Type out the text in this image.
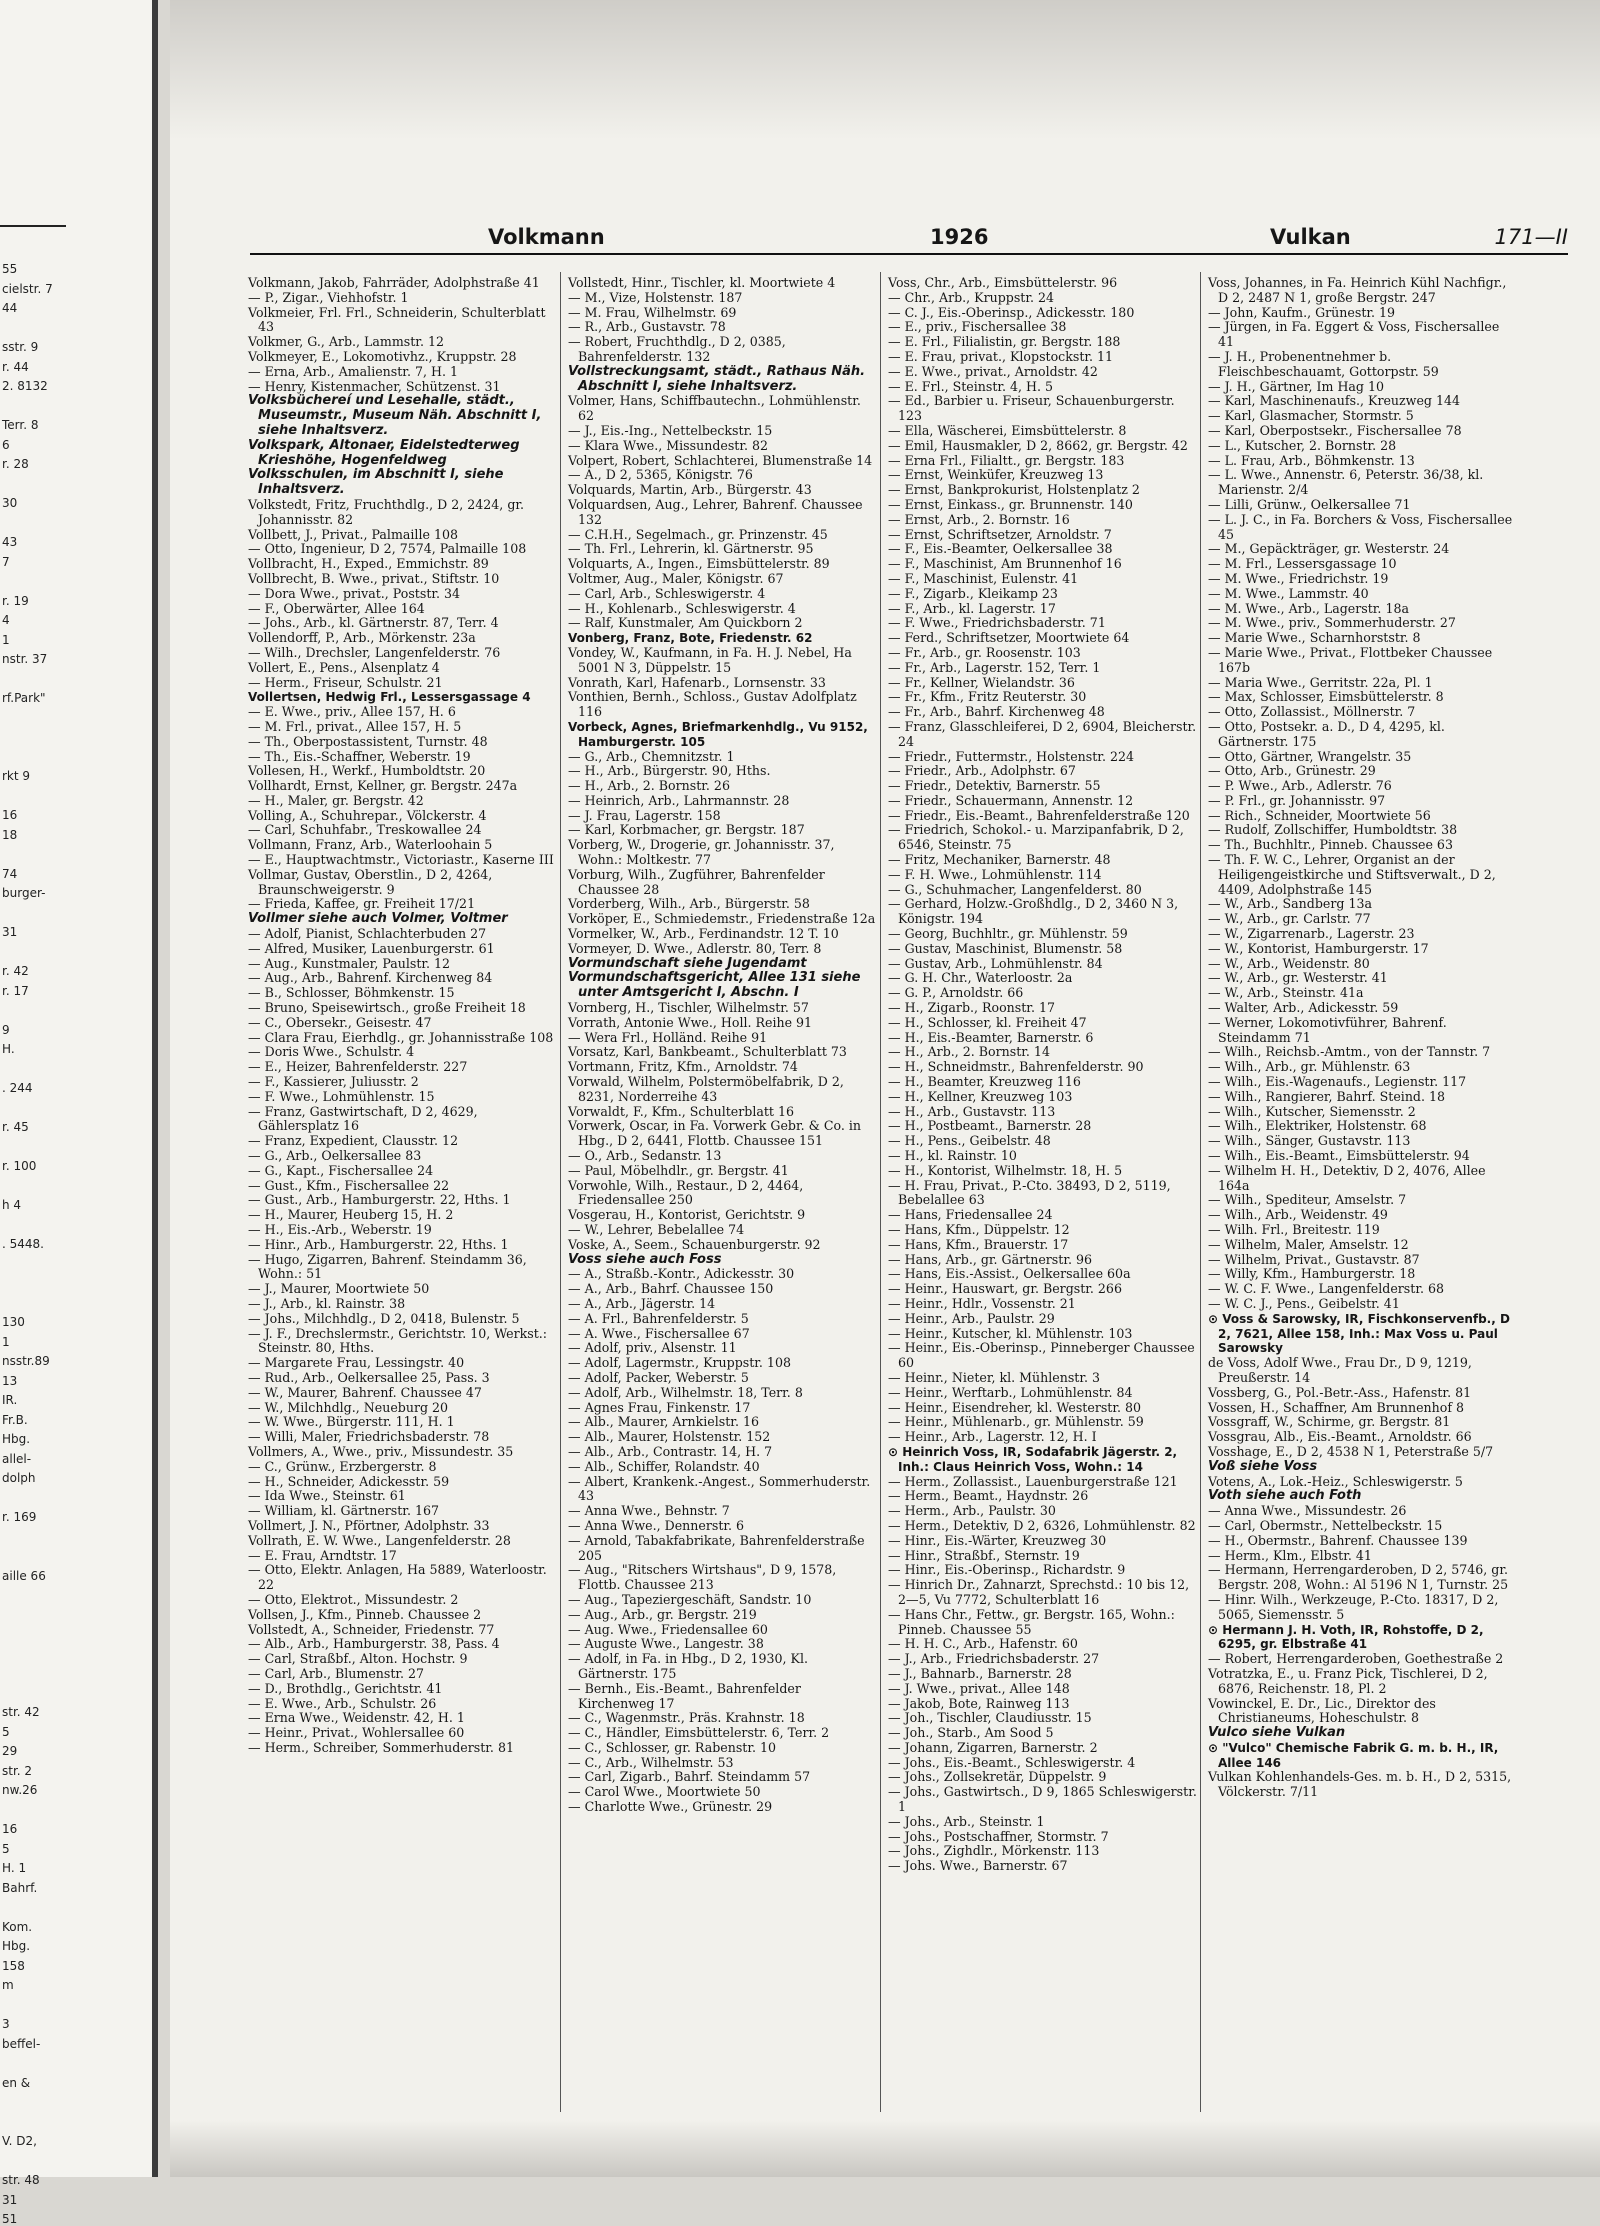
55
cielstr. 7
44
sstr. 9
r. 44
2. 8132
Terr. 8
6
r. 28
30
43
7
r. 19
4
1
nstr. 37
rf.Park"
rkt 9
16
18
74
burger-
31
r. 42
r. 17
9
H.
. 244
r. 45
r. 100
h 4
. 5448.
130
1
nsstr.89
13
IR.
Fr.B.
Hbg.
allel-
dolph
r. 169
aille 66
str. 42
5
29
str. 2
nw.26
16
5
H. 1
Bahrf.
Kom.
Hbg.
158
m
3
beffel-
en &
V. D2,
str. 48
31
51
Volkmann	1926	Vulkan	171—II

Volkmann, Jakob, Fahrräder, Adolphstraße 41

— P., Zigar., Viehhofstr. 1

Volkmeier, Frl. Frl., Schneiderin, Schulterblatt 43

Volkmer, G., Arb., Lammstr. 12

Volkmeyer, E., Lokomotivhz., Kruppstr. 28

— Erna, Arb., Amalienstr. 7, H. 1

— Henry, Kistenmacher, Schützenst. 31

Volksbüchereí und Lesehalle, städt., Museumstr., Museum Näh. Abschnitt I, siehe Inhaltsverz.

Volkspark, Altonaer, Eidelstedterweg Krieshöhe, Hogenfeldweg

Volksschulen, im Abschnitt I, siehe Inhaltsverz.

Volkstedt, Fritz, Fruchthdlg., D 2, 2424, gr. Johannisstr. 82

Vollbett, J., Privat., Palmaille 108

— Otto, Ingenieur, D 2, 7574, Palmaille 108

Vollbracht, H., Exped., Emmichstr. 89

Vollbrecht, B. Wwe., privat., Stiftstr. 10

— Dora Wwe., privat., Poststr. 34

— F., Oberwärter, Allee 164

— Johs., Arb., kl. Gärtnerstr. 87, Terr. 4

Vollendorff, P., Arb., Mörkenstr. 23a

— Wilh., Drechsler, Langenfelderstr. 76

Vollert, E., Pens., Alsenplatz 4

— Herm., Friseur, Schulstr. 21

Vollertsen, Hedwig Frl., Lessersgassage 4

— E. Wwe., priv., Allee 157, H. 6

— M. Frl., privat., Allee 157, H. 5

— Th., Oberpostassistent, Turnstr. 48

— Th., Eis.-Schaffner, Weberstr. 19

Vollesen, H., Werkf., Humboldtstr. 20

Vollhardt, Ernst, Kellner, gr. Bergstr. 247a

— H., Maler, gr. Bergstr. 42

Volling, A., Schuhrepar., Völckerstr. 4

— Carl, Schuhfabr., Treskowallee 24

Vollmann, Franz, Arb., Waterloohain 5

— E., Hauptwachtmstr., Victoriastr., Kaserne III

Vollmar, Gustav, Oberstlin., D 2, 4264, Braunschweigerstr. 9

— Frieda, Kaffee, gr. Freiheit 17/21

Vollmer siehe auch Volmer, Voltmer

— Adolf, Pianist, Schlachterbuden 27

— Alfred, Musiker, Lauenburgerstr. 61

— Aug., Kunstmaler, Paulstr. 12

— Aug., Arb., Bahrenf. Kirchenweg 84

— B., Schlosser, Böhmkenstr. 15

— Bruno, Speisewirtsch., große Freiheit 18

— C., Obersekr., Geisestr. 47

— Clara Frau, Eierhdlg., gr. Johannisstraße 108

— Doris Wwe., Schulstr. 4

— E., Heizer, Bahrenfelderstr. 227

— F., Kassierer, Juliusstr. 2

— F. Wwe., Lohmühlenstr. 15

— Franz, Gastwirtschaft, D 2, 4629, Gählersplatz 16

— Franz, Expedient, Clausstr. 12

— G., Arb., Oelkersallee 83

— G., Kapt., Fischersallee 24

— Gust., Kfm., Fischersallee 22

— Gust., Arb., Hamburgerstr. 22, Hths. 1

— H., Maurer, Heuberg 15, H. 2

— H., Eis.-Arb., Weberstr. 19

— Hinr., Arb., Hamburgerstr. 22, Hths. 1

— Hugo, Zigarren, Bahrenf. Steindamm 36, Wohn.: 51

— J., Maurer, Moortwiete 50

— J., Arb., kl. Rainstr. 38

— Johs., Milchhdlg., D 2, 0418, Bulenstr. 5

— J. F., Drechslermstr., Gerichtstr. 10, Werkst.: Steinstr. 80, Hths.

— Margarete Frau, Lessingstr. 40

— Rud., Arb., Oelkersallee 25, Pass. 3

— W., Maurer, Bahrenf. Chaussee 47

— W., Milchhdlg., Neueburg 20

— W. Wwe., Bürgerstr. 111, H. 1

— Willi, Maler, Friedrichsbaderstr. 78

Vollmers, A., Wwe., priv., Missundestr. 35

— C., Grünw., Erzbergerstr. 8

— H., Schneider, Adickesstr. 59

— Ida Wwe., Steinstr. 61

— William, kl. Gärtnerstr. 167

Vollmert, J. N., Pförtner, Adolphstr. 33

Vollrath, E. W. Wwe., Langenfelderstr. 28

— E. Frau, Arndtstr. 17

— Otto, Elektr. Anlagen, Ha 5889, Waterloostr. 22

— Otto, Elektrot., Missundestr. 2

Vollsen, J., Kfm., Pinneb. Chaussee 2

Vollstedt, A., Schneider, Friedenstr. 77

— Alb., Arb., Hamburgerstr. 38, Pass. 4

— Carl, Straßbf., Alton. Hochstr. 9

— Carl, Arb., Blumenstr. 27

— D., Brothdlg., Gerichtstr. 41

— E. Wwe., Arb., Schulstr. 26

— Erna Wwe., Weidenstr. 42, H. 1

— Heinr., Privat., Wohlersallee 60

— Herm., Schreiber, Sommerhuderstr. 81

Vollstedt, Hinr., Tischler, kl. Moortwiete 4

— M., Vize, Holstenstr. 187

— M. Frau, Wilhelmstr. 69

— R., Arb., Gustavstr. 78

— Robert, Fruchthdlg., D 2, 0385, Bahrenfelderstr. 132

Vollstreckungsamt, städt., Rathaus Näh. Abschnitt I, siehe Inhaltsverz.

Volmer, Hans, Schiffbautechn., Lohmühlenstr. 62

— J., Eis.-Ing., Nettelbeckstr. 15

— Klara Wwe., Missundestr. 82

Volpert, Robert, Schlachterei, Blumenstraße 14

— A., D 2, 5365, Königstr. 76

Volquards, Martin, Arb., Bürgerstr. 43

Volquardsen, Aug., Lehrer, Bahrenf. Chaussee 132

— C.H.H., Segelmach., gr. Prinzenstr. 45

— Th. Frl., Lehrerin, kl. Gärtnerstr. 95

Volquarts, A., Ingen., Eimsbüttelerstr. 89

Voltmer, Aug., Maler, Königstr. 67

— Carl, Arb., Schleswigerstr. 4

— H., Kohlenarb., Schleswigerstr. 4

— Ralf, Kunstmaler, Am Quickborn 2

Vonberg, Franz, Bote, Friedenstr. 62

Vondey, W., Kaufmann, in Fa. H. J. Nebel, Ha 5001 N 3, Düppelstr. 15

Vonrath, Karl, Hafenarb., Lornsenstr. 33

Vonthien, Bernh., Schloss., Gustav Adolfplatz 116

Vorbeck, Agnes, Briefmarkenhdlg., Vu 9152, Hamburgerstr. 105

— G., Arb., Chemnitzstr. 1

— H., Arb., Bürgerstr. 90, Hths.

— H., Arb., 2. Bornstr. 26

— Heinrich, Arb., Lahrmannstr. 28

— J. Frau, Lagerstr. 158

— Karl, Korbmacher, gr. Bergstr. 187

Vorberg, W., Drogerie, gr. Johannisstr. 37, Wohn.: Moltkestr. 77

Vorburg, Wilh., Zugführer, Bahrenfelder Chaussee 28

Vorderberg, Wilh., Arb., Bürgerstr. 58

Vorköper, E., Schmiedemstr., Friedenstraße 12a

Vormelker, W., Arb., Ferdinandstr. 12 T. 10

Vormeyer, D. Wwe., Adlerstr. 80, Terr. 8

Vormundschaft siehe Jugendamt

Vormundschaftsgericht, Allee 131 siehe unter Amtsgericht I, Abschn. I

Vornberg, H., Tischler, Wilhelmstr. 57

Vorrath, Antonie Wwe., Holl. Reihe 91

— Wera Frl., Holländ. Reihe 91

Vorsatz, Karl, Bankbeamt., Schulterblatt 73

Vortmann, Fritz, Kfm., Arnoldstr. 74

Vorwald, Wilhelm, Polstermöbelfabrik, D 2, 8231, Norderreihe 43

Vorwaldt, F., Kfm., Schulterblatt 16

Vorwerk, Oscar, in Fa. Vorwerk Gebr. & Co. in Hbg., D 2, 6441, Flottb. Chaussee 151

— O., Arb., Sedanstr. 13

— Paul, Möbelhdlr., gr. Bergstr. 41

Vorwohle, Wilh., Restaur., D 2, 4464, Friedensallee 250

Vosgerau, H., Kontorist, Gerichtstr. 9

— W., Lehrer, Bebelallee 74

Voske, A., Seem., Schauenburgerstr. 92

Voss siehe auch Foss

— A., Straßb.-Kontr., Adickesstr. 30

— A., Arb., Bahrf. Chaussee 150

— A., Arb., Jägerstr. 14

— A. Frl., Bahrenfelderstr. 5

— A. Wwe., Fischersallee 67

— Adolf, priv., Alsenstr. 11

— Adolf, Lagermstr., Kruppstr. 108

— Adolf, Packer, Weberstr. 5

— Adolf, Arb., Wilhelmstr. 18, Terr. 8

— Agnes Frau, Finkenstr. 17

— Alb., Maurer, Arnkielstr. 16

— Alb., Maurer, Holstenstr. 152

— Alb., Arb., Contrastr. 14, H. 7

— Alb., Schiffer, Rolandstr. 40

— Albert, Krankenk.-Angest., Sommerhuderstr. 43

— Anna Wwe., Behnstr. 7

— Anna Wwe., Dennerstr. 6

— Arnold, Tabakfabrikate, Bahrenfelderstraße 205

— Aug., "Ritschers Wirtshaus", D 9, 1578, Flottb. Chaussee 213

— Aug., Tapeziergeschäft, Sandstr. 10

— Aug., Arb., gr. Bergstr. 219

— Aug. Wwe., Friedensallee 60

— Auguste Wwe., Langestr. 38

— Adolf, in Fa. in Hbg., D 2, 1930, Kl. Gärtnerstr. 175

— Bernh., Eis.-Beamt., Bahrenfelder Kirchenweg 17

— C., Wagenmstr., Präs. Krahnstr. 18

— C., Händler, Eimsbüttelerstr. 6, Terr. 2

— C., Schlosser, gr. Rabenstr. 10

— C., Arb., Wilhelmstr. 53

— Carl, Zigarb., Bahrf. Steindamm 57

— Carol Wwe., Moortwiete 50

— Charlotte Wwe., Grünestr. 29

Voss, Chr., Arb., Eimsbüttelerstr. 96

— Chr., Arb., Kruppstr. 24

— C. J., Eis.-Oberinsp., Adickesstr. 180

— E., priv., Fischersallee 38

— E. Frl., Filialistin, gr. Bergstr. 188

— E. Frau, privat., Klopstockstr. 11

— E. Wwe., privat., Arnoldstr. 42

— E. Frl., Steinstr. 4, H. 5

— Ed., Barbier u. Friseur, Schauenburgerstr. 123

— Ella, Wäscherei, Eimsbüttelerstr. 8

— Emil, Hausmakler, D 2, 8662, gr. Bergstr. 42

— Erna Frl., Filialtt., gr. Bergstr. 183

— Ernst, Weinküfer, Kreuzweg 13

— Ernst, Bankprokurist, Holstenplatz 2

— Ernst, Einkass., gr. Brunnenstr. 140

— Ernst, Arb., 2. Bornstr. 16

— Ernst, Schriftsetzer, Arnoldstr. 7

— F., Eis.-Beamter, Oelkersallee 38

— F., Maschinist, Am Brunnenhof 16

— F., Maschinist, Eulenstr. 41

— F., Zigarb., Kleikamp 23

— F., Arb., kl. Lagerstr. 17

— F. Wwe., Friedrichsbaderstr. 71

— Ferd., Schriftsetzer, Moortwiete 64

— Fr., Arb., gr. Roosenstr. 103

— Fr., Arb., Lagerstr. 152, Terr. 1

— Fr., Kellner, Wielandstr. 36

— Fr., Kfm., Fritz Reuterstr. 30

— Fr., Arb., Bahrf. Kirchenweg 48

— Franz, Glasschleiferei, D 2, 6904, Bleicherstr. 24

— Friedr., Futtermstr., Holstenstr. 224

— Friedr., Arb., Adolphstr. 67

— Friedr., Detektiv, Barnerstr. 55

— Friedr., Schauermann, Annenstr. 12

— Friedr., Eis.-Beamt., Bahrenfelderstraße 120

— Friedrich, Schokol.- u. Marzipanfabrik, D 2, 6546, Steinstr. 75

— Fritz, Mechaniker, Barnerstr. 48

— F. H. Wwe., Lohmühlenstr. 114

— G., Schuhmacher, Langenfelderst. 80

— Gerhard, Holzw.-Großhdlg., D 2, 3460 N 3, Königstr. 194

— Georg, Buchhltr., gr. Mühlenstr. 59

— Gustav, Maschinist, Blumenstr. 58

— Gustav, Arb., Lohmühlenstr. 84

— G. H. Chr., Waterloostr. 2a

— G. P., Arnoldstr. 66

— H., Zigarb., Roonstr. 17

— H., Schlosser, kl. Freiheit 47

— H., Eis.-Beamter, Barnerstr. 6

— H., Arb., 2. Bornstr. 14

— H., Schneidmstr., Bahrenfelderstr. 90

— H., Beamter, Kreuzweg 116

— H., Kellner, Kreuzweg 103

— H., Arb., Gustavstr. 113

— H., Postbeamt., Barnerstr. 28

— H., Pens., Geibelstr. 48

— H., kl. Rainstr. 10

— H., Kontorist, Wilhelmstr. 18, H. 5

— H. Frau, Privat., P.-Cto. 38493, D 2, 5119, Bebelallee 63

— Hans, Friedensallee 24

— Hans, Kfm., Düppelstr. 12

— Hans, Kfm., Brauerstr. 17

— Hans, Arb., gr. Gärtnerstr. 96

— Hans, Eis.-Assist., Oelkersallee 60a

— Heinr., Hauswart, gr. Bergstr. 266

— Heinr., Hdlr., Vossenstr. 21

— Heinr., Arb., Paulstr. 29

— Heinr., Kutscher, kl. Mühlenstr. 103

— Heinr., Eis.-Oberinsp., Pinneberger Chaussee 60

— Heinr., Nieter, kl. Mühlenstr. 3

— Heinr., Werftarb., Lohmühlenstr. 84

— Heinr., Eisendreher, kl. Westerstr. 80

— Heinr., Mühlenarb., gr. Mühlenstr. 59

— Heinr., Arb., Lagerstr. 12, H. I

⊙ Heinrich Voss, IR, Sodafabrik Jägerstr. 2, Inh.: Claus Heinrich Voss, Wohn.: 14

— Herm., Zollassist., Lauenburgerstraße 121

— Herm., Beamt., Haydnstr. 26

— Herm., Arb., Paulstr. 30

— Herm., Detektiv, D 2, 6326, Lohmühlenstr. 82

— Hinr., Eis.-Wärter, Kreuzweg 30

— Hinr., Straßbf., Sternstr. 19

— Hinr., Eis.-Oberinsp., Richardstr. 9

— Hinrich Dr., Zahnarzt, Sprechstd.: 10 bis 12, 2—5, Vu 7772, Schulterblatt 16

— Hans Chr., Fettw., gr. Bergstr. 165, Wohn.: Pinneb. Chaussee 55

— H. H. C., Arb., Hafenstr. 60

— J., Arb., Friedrichsbaderstr. 27

— J., Bahnarb., Barnerstr. 28

— J. Wwe., privat., Allee 148

— Jakob, Bote, Rainweg 113

— Joh., Tischler, Claudiusstr. 15

— Joh., Starb., Am Sood 5

— Johann, Zigarren, Barnerstr. 2

— Johs., Eis.-Beamt., Schleswigerstr. 4

— Johs., Zollsekretär, Düppelstr. 9

— Johs., Gastwirtsch., D 9, 1865 Schleswigerstr. 1

— Johs., Arb., Steinstr. 1

— Johs., Postschaffner, Stormstr. 7

— Johs., Zighdlr., Mörkenstr. 113

— Johs. Wwe., Barnerstr. 67

Voss, Johannes, in Fa. Heinrich Kühl Nachfigr., D 2, 2487 N 1, große Bergstr. 247

— John, Kaufm., Grünestr. 19

— Jürgen, in Fa. Eggert & Voss, Fischersallee 41

— J. H., Probenentnehmer b. Fleischbeschauamt, Gottorpstr. 59

— J. H., Gärtner, Im Hag 10

— Karl, Maschinenaufs., Kreuzweg 144

— Karl, Glasmacher, Stormstr. 5

— Karl, Oberpostsekr., Fischersallee 78

— L., Kutscher, 2. Bornstr. 28

— L. Frau, Arb., Böhmkenstr. 13

— L. Wwe., Annenstr. 6, Peterstr. 36/38, kl. Marienstr. 2/4

— Lilli, Grünw., Oelkersallee 71

— L. J. C., in Fa. Borchers & Voss, Fischersallee 45

— M., Gepäckträger, gr. Westerstr. 24

— M. Frl., Lessersgassage 10

— M. Wwe., Friedrichstr. 19

— M. Wwe., Lammstr. 40

— M. Wwe., Arb., Lagerstr. 18a

— M. Wwe., priv., Sommerhuderstr. 27

— Marie Wwe., Scharnhorststr. 8

— Marie Wwe., Privat., Flottbeker Chaussee 167b

— Maria Wwe., Gerritstr. 22a, Pl. 1

— Max, Schlosser, Eimsbüttelerstr. 8

— Otto, Zollassist., Möllnerstr. 7

— Otto, Postsekr. a. D., D 4, 4295, kl. Gärtnerstr. 175

— Otto, Gärtner, Wrangelstr. 35

— Otto, Arb., Grünestr. 29

— P. Wwe., Arb., Adlerstr. 76

— P. Frl., gr. Johannisstr. 97

— Rich., Schneider, Moortwiete 56

— Rudolf, Zollschiffer, Humboldtstr. 38

— Th., Buchhltr., Pinneb. Chaussee 63

— Th. F. W. C., Lehrer, Organist an der Heiligengeistkirche und Stiftsverwalt., D 2, 4409, Adolphstraße 145

— W., Arb., Sandberg 13a

— W., Arb., gr. Carlstr. 77

— W., Zigarrenarb., Lagerstr. 23

— W., Kontorist, Hamburgerstr. 17

— W., Arb., Weidenstr. 80

— W., Arb., gr. Westerstr. 41

— W., Arb., Steinstr. 41a

— Walter, Arb., Adickesstr. 59

— Werner, Lokomotivführer, Bahrenf. Steindamm 71

— Wilh., Reichsb.-Amtm., von der Tannstr. 7

— Wilh., Arb., gr. Mühlenstr. 63

— Wilh., Eis.-Wagenaufs., Legienstr. 117

— Wilh., Rangierer, Bahrf. Steind. 18

— Wilh., Kutscher, Siemensstr. 2

— Wilh., Elektriker, Holstenstr. 68

— Wilh., Sänger, Gustavstr. 113

— Wilh., Eis.-Beamt., Eimsbüttelerstr. 94

— Wilhelm H. H., Detektiv, D 2, 4076, Allee 164a

— Wilh., Spediteur, Amselstr. 7

— Wilh., Arb., Weidenstr. 49

— Wilh. Frl., Breitestr. 119

— Wilhelm, Maler, Amselstr. 12

— Wilhelm, Privat., Gustavstr. 87

— Willy, Kfm., Hamburgerstr. 18

— W. C. F. Wwe., Langenfelderstr. 68

— W. C. J., Pens., Geibelstr. 41

⊙ Voss & Sarowsky, IR, Fischkonservenfb., D 2, 7621, Allee 158, Inh.: Max Voss u. Paul Sarowsky

de Voss, Adolf Wwe., Frau Dr., D 9, 1219, Preußerstr. 14

Vossberg, G., Pol.-Betr.-Ass., Hafenstr. 81

Vossen, H., Schaffner, Am Brunnenhof 8

Vossgraff, W., Schirme, gr. Bergstr. 81

Vossgrau, Alb., Eis.-Beamt., Arnoldstr. 66

Vosshage, E., D 2, 4538 N 1, Peterstraße 5/7

Voß siehe Voss

Votens, A., Lok.-Heiz., Schleswigerstr. 5

Voth siehe auch Foth

— Anna Wwe., Missundestr. 26

— Carl, Obermstr., Nettelbeckstr. 15

— H., Obermstr., Bahrenf. Chaussee 139

— Herm., Klm., Elbstr. 41

— Hermann, Herrengarderoben, D 2, 5746, gr. Bergstr. 208, Wohn.: Al 5196 N 1, Turnstr. 25

— Hinr. Wilh., Werkzeuge, P.-Cto. 18317, D 2, 5065, Siemensstr. 5

⊙ Hermann J. H. Voth, IR, Rohstoffe, D 2, 6295, gr. Elbstraße 41

— Robert, Herrengarderoben, Goethestraße 2

Votratzka, E., u. Franz Pick, Tischlerei, D 2, 6876, Reichenstr. 18, Pl. 2

Vowinckel, E. Dr., Lic., Direktor des Christianeums, Hoheschulstr. 8

Vulco siehe Vulkan

⊙ "Vulco" Chemische Fabrik G. m. b. H., IR, Allee 146

Vulkan Kohlenhandels-Ges. m. b. H., D 2, 5315, Völckerstr. 7/11
